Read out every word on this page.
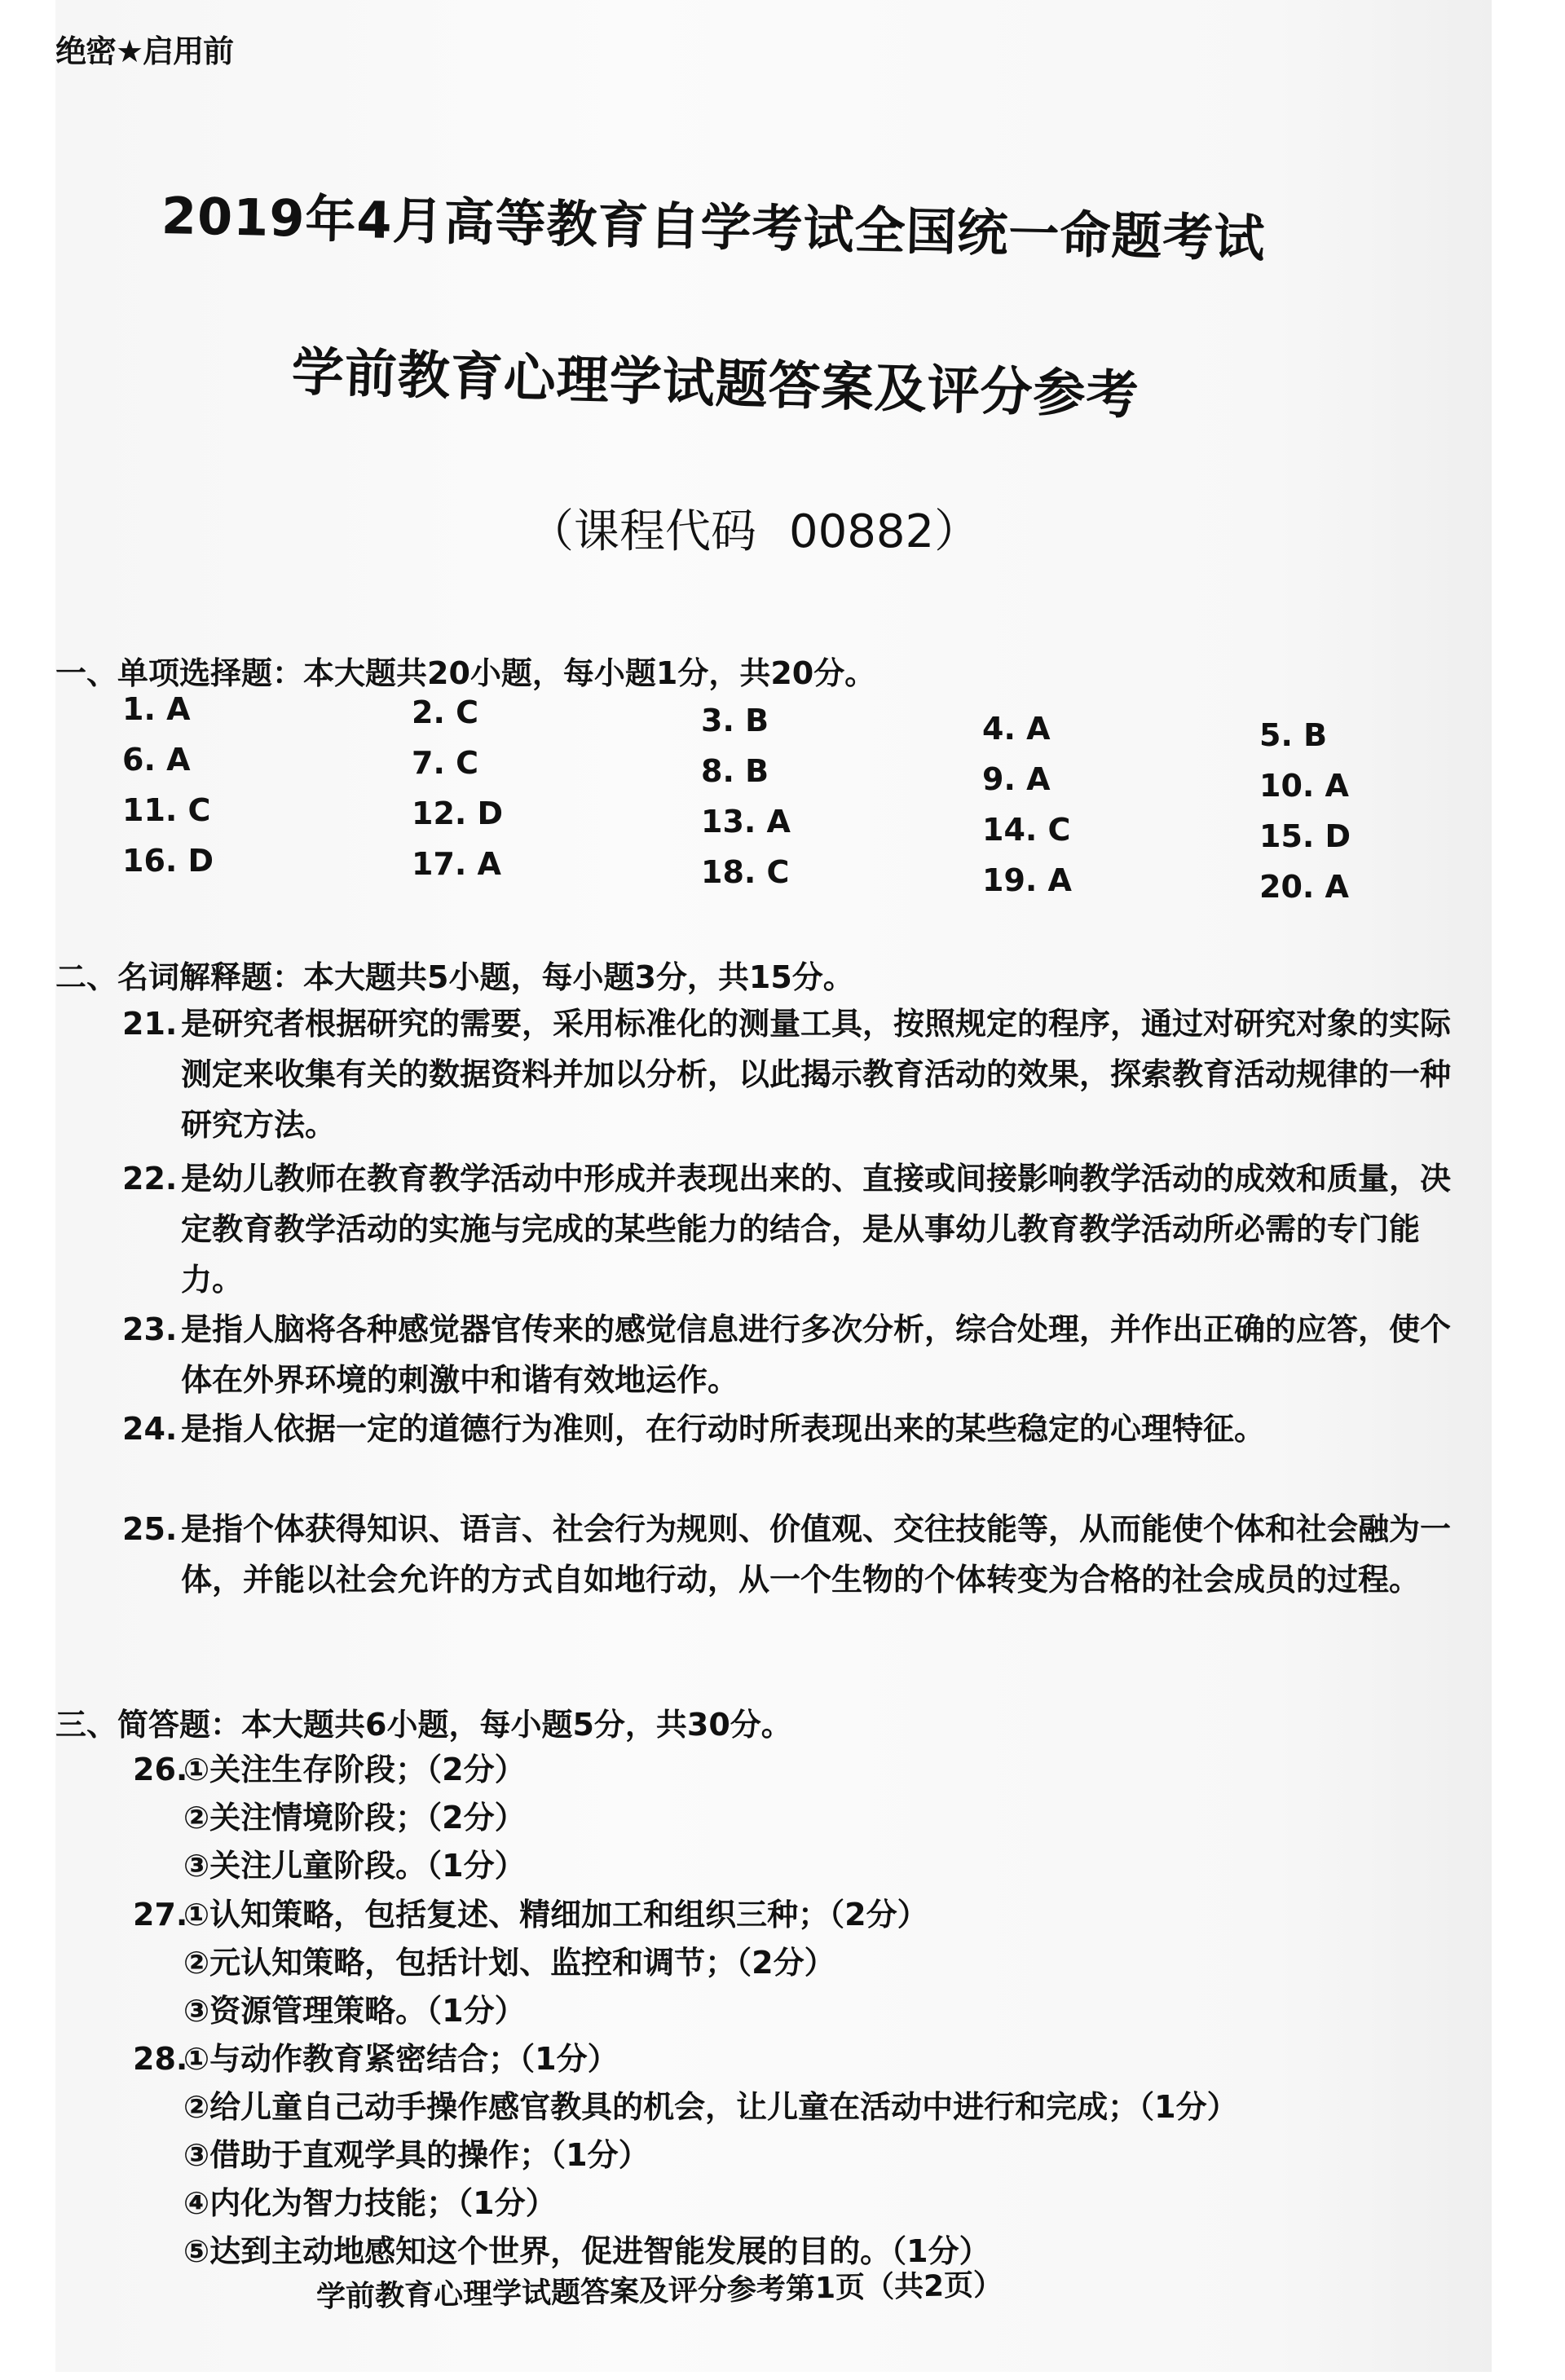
绝密★启用前
2019年4月高等教育自学考试全国统一命题考试
学前教育心理学试题答案及评分参考
（课程代码 00882）
一、单项选择题：本大题共20小题，每小题1分，共20分。
1. A	2. C	3. B	4. A	5. B
6. A	7. C	8. B	9. A	10. A
11. C	12. D	13. A	14. C	15. D
16. D	17. A	18. C	19. A	20. A
二、名词解释题：本大题共5小题，每小题3分，共15分。
21. 是研究者根据研究的需要，采用标准化的测量工具，按照规定的程序，通过对研究对象的实际测定来收集有关的数据资料并加以分析，以此揭示教育活动的效果，探索教育活动规律的一种研究方法。
22. 是幼儿教师在教育教学活动中形成并表现出来的、直接或间接影响教学活动的成效和质量，决定教育教学活动的实施与完成的某些能力的结合，是从事幼儿教育教学活动所必需的专门能力。
23. 是指人脑将各种感觉器官传来的感觉信息进行多次分析，综合处理，并作出正确的应答，使个体在外界环境的刺激中和谐有效地运作。
24. 是指人依据一定的道德行为准则，在行动时所表现出来的某些稳定的心理特征。
25. 是指个体获得知识、语言、社会行为规则、价值观、交往技能等，从而能使个体和社会融为一体，并能以社会允许的方式自如地行动，从一个生物的个体转变为合格的社会成员的过程。
三、简答题：本大题共6小题，每小题5分，共30分。
26.
①关注生存阶段；（2分）
②关注情境阶段；（2分）
③关注儿童阶段。（1分）
27.
①认知策略，包括复述、精细加工和组织三种；（2分）
②元认知策略，包括计划、监控和调节；（2分）
③资源管理策略。（1分）
28.
①与动作教育紧密结合；（1分）
②给儿童自己动手操作感官教具的机会，让儿童在活动中进行和完成；（1分）
③借助于直观学具的操作；（1分）
④内化为智力技能；（1分）
⑤达到主动地感知这个世界，促进智能发展的目的。（1分）
学前教育心理学试题答案及评分参考第1页（共2页）
